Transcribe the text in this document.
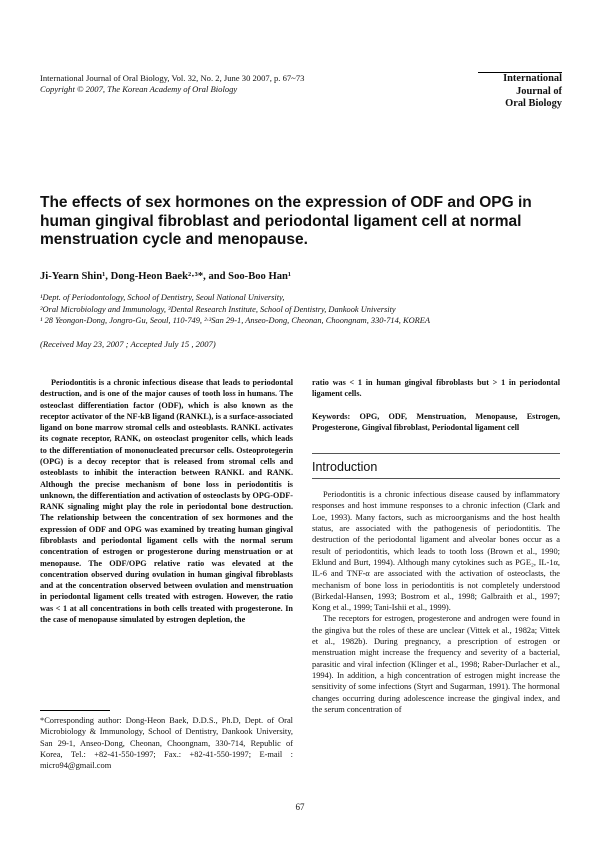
International Journal of Oral Biology, Vol. 32, No. 2, June 30 2007, p. 67~73
Copyright © 2007, The Korean Academy of Oral Biology
International
Journal of
Oral Biology
The effects of sex hormones on the expression of ODF and OPG in human gingival fibroblast and periodontal ligament cell at normal menstruation cycle and menopause.
Ji-Yearn Shin¹, Dong-Heon Baek²·³*, and Soo-Boo Han¹
¹Dept. of Periodontology, School of Dentistry, Seoul National University,
²Oral Microbiology and Immunology, ³Dental Research Institute, School of Dentistry, Dankook University
¹ 28 Yeongon-Dong, Jongro-Gu, Seoul, 110-749, ²·³San 29-1, Anseo-Dong, Cheonan, Choongnam, 330-714, KOREA
(Received May 23, 2007 ; Accepted July 15 , 2007)
Periodontitis is a chronic infectious disease that leads to periodontal destruction, and is one of the major causes of tooth loss in humans. The osteoclast differentiation factor (ODF), which is also known as the receptor activator of the NF-kB ligand (RANKL), is a surface-associated ligand on bone marrow stromal cells and osteoblasts. RANKL activates its cognate receptor, RANK, on osteoclast progenitor cells, which leads to the differentiation of mononucleated precursor cells. Osteoprotegerin (OPG) is a decoy receptor that is released from stromal cells and osteoblasts to inhibit the interaction between RANKL and RANK. Although the precise mechanism of bone loss in periodontitis is unknown, the differentiation and activation of osteoclasts by OPG-ODF-RANK signaling might play the role in periodontal bone destruction. The relationship between the concentration of sex hormones and the expression of ODF and OPG was examined by treating human gingival fibroblasts and periodontal ligament cells with the normal serum concentration of estrogen or progesterone during menstruation or at menopause. The ODF/OPG relative ratio was elevated at the concentration observed during ovulation in human gingival fibroblasts and at the concentration observed between ovulation and menstruation in periodontal ligament cells treated with estrogen. However, the ratio was < 1 at all concentrations in both cells treated with progesterone. In the case of menopause simulated by estrogen depletion, the
ratio was < 1 in human gingival fibroblasts but > 1 in periodontal ligament cells.
Keywords: OPG, ODF, Menstruation, Menopause, Estrogen, Progesterone, Gingival fibroblast, Periodontal ligament cell
Introduction

Periodontitis is a chronic infectious disease caused by inflammatory responses and host immune responses to a chronic infection (Clark and Loe, 1993). Many factors, such as microorganisms and the host health status, are associated with the pathogenesis of periodontitis. The destruction of the periodontal ligament and alveolar bones occur as a result of periodontitis, which leads to tooth loss (Brown et al., 1990; Eklund and Burt, 1994). Although many cytokines such as PGE₂, IL-1α, IL-6 and TNF-α are associated with the activation of osteoclasts, the mechanism of bone loss in periodontitis is not completely understood (Birkedal-Hansen, 1993; Bostrom et al., 1998; Galbraith et al., 1997; Kong et al., 1999; Tani-Ishii et al., 1999).

The receptors for estrogen, progesterone and androgen were found in the gingiva but the roles of these are unclear (Vittek et al., 1982a; Vittek et al., 1982b). During pregnancy, a prescription of estrogen or menstruation might increase the frequency and severity of a bacterial, parasitic and viral infection (Klinger et al., 1998; Raber-Durlacher et al., 1994). In addition, a high concentration of estrogen might increase the sensitivity of some infections (Styrt and Sugarman, 1991). The hormonal changes occurring during adolescence increase the gingival index, and the serum concentration of

*Corresponding author: Dong-Heon Baek, D.D.S., Ph.D, Dept. of Oral Microbiology & Immunology, School of Dentistry, Dankook University, San 29-1, Anseo-Dong, Cheonan, Choongnam, 330-714, Republic of Korea, Tel.: +82-41-550-1997; Fax.: +82-41-550-1997; E-mail : micro94@gmail.com
67
